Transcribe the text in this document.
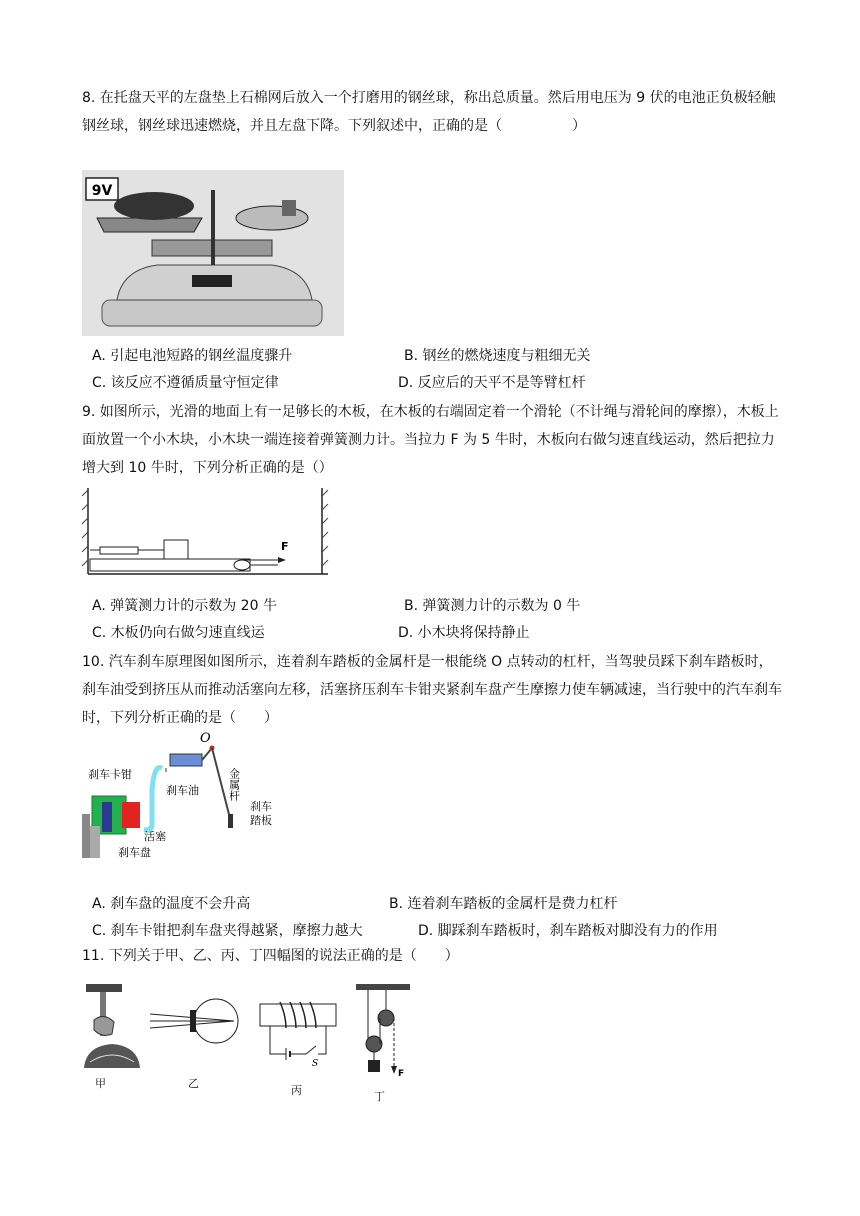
8. 在托盘天平的左盘垫上石棉网后放入一个打磨用的钢丝球，称出总质量。然后用电压为 9 伏的电池正负极轻触钢丝球，钢丝球迅速燃烧，并且左盘下降。下列叙述中，正确的是（　　　　　）

9V
A. 引起电池短路的钢丝温度骤升	B. 钢丝的燃烧速度与粗细无关
C. 该反应不遵循质量守恒定律	D. 反应后的天平不是等臂杠杆

9. 如图所示，光滑的地面上有一足够长的木板，在木板的右端固定着一个滑轮（不计绳与滑轮间的摩擦），木板上面放置一个小木块，小木块一端连接着弹簧测力计。当拉力 F 为 5 牛时，木板向右做匀速直线运动，然后把拉力增大到 10 牛时，下列分析正确的是（）

F
A. 弹簧测力计的示数为 20 牛	B. 弹簧测力计的示数为 0 牛
C. 木板仍向右做匀速直线运	D. 小木块将保持静止

10. 汽车刹车原理图如图所示，连着刹车踏板的金属杆是一根能绕 O 点转动的杠杆，当驾驶员踩下刹车踏板时，刹车油受到挤压从而推动活塞向左移，活塞挤压刹车卡钳夹紧刹车盘产生摩擦力使车辆减速，当行驶中的汽车刹车时，下列分析正确的是（　　）

O
刹车卡钳
刹车油
活塞
刹车盘
金属杆
刹车踏板
A. 刹车盘的温度不会升高	B. 连着刹车踏板的金属杆是费力杠杆
C. 刹车卡钳把刹车盘夹得越紧，摩擦力越大	D. 脚踩刹车踏板时，刹车踏板对脚没有力的作用

11. 下列关于甲、乙、丙、丁四幅图的说法正确的是（　　）

甲	乙
S
丙
F
丁
